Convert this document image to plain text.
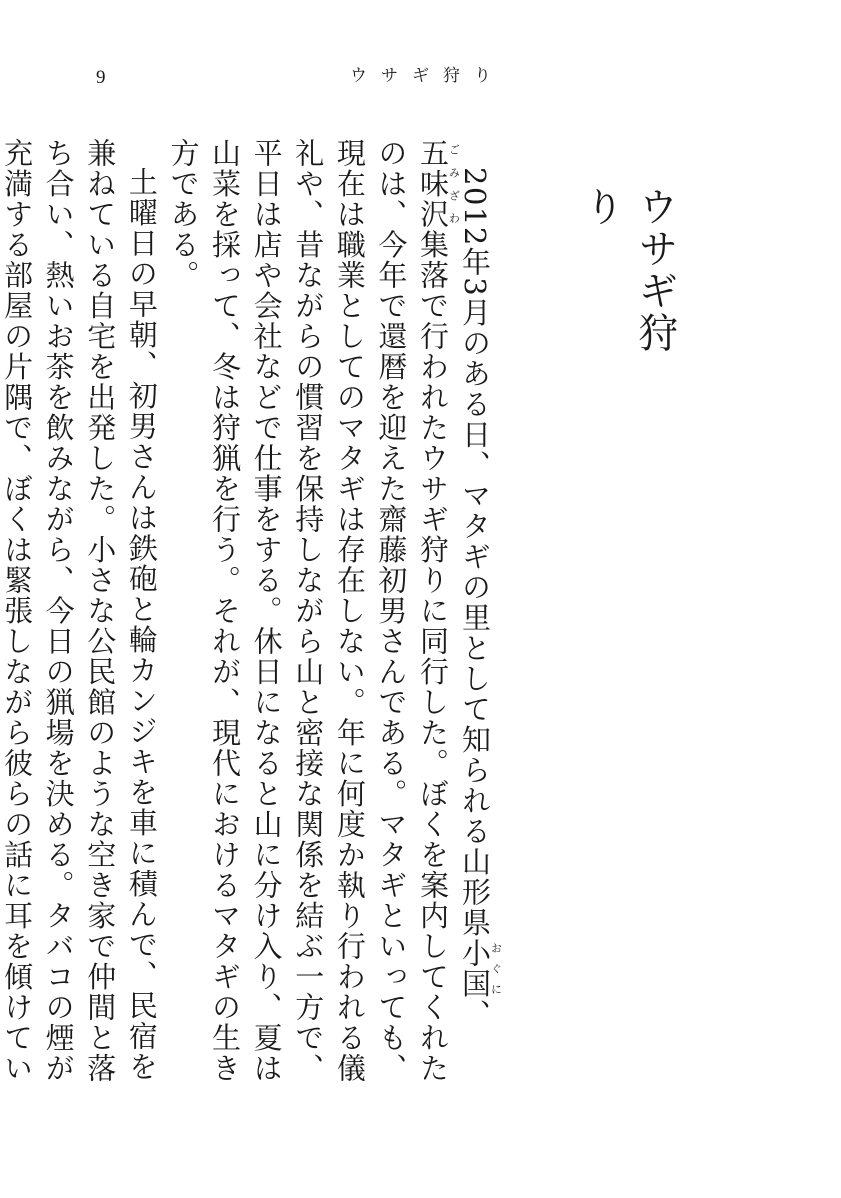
9	ウサギ狩り
ウサギ狩り

2012年3月のある日、マタギの里として知られる山形県小国おぐに、五味沢ごみざわ集落で行われたウサギ狩りに同行した。ぼくを案内してくれたのは、今年で還暦を迎えた齋藤初男さんである。マタギといっても、現在は職業としてのマタギは存在しない。年に何度か執り行われる儀礼や、昔ながらの慣習を保持しながら山と密接な関係を結ぶ一方で、平日は店や会社などで仕事をする。休日になると山に分け入り、夏は山菜を採って、冬は狩猟を行う。それが、現代におけるマタギの生き方である。

土曜日の早朝、初男さんは鉄砲と輪カンジキを車に積んで、民宿を兼ねている自宅を出発した。小さな公民館のような空き家で仲間と落ち合い、熱いお茶を飲みながら、今日の猟場を決める。タバコの煙が充満する部屋の片隅で、ぼくは緊張しながら彼らの話に耳を傾けてい
